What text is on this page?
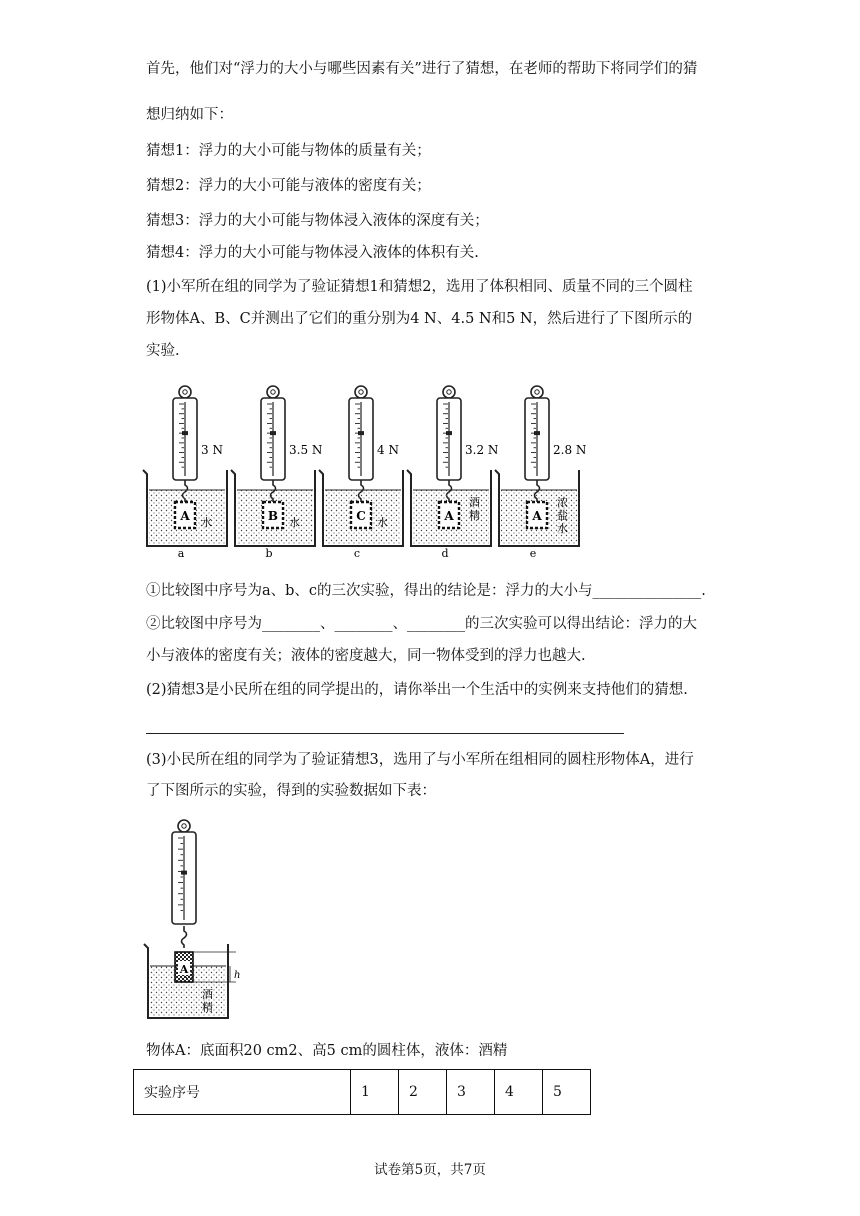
首先，他们对“浮力的大小与哪些因素有关”进行了猜想，在老师的帮助下将同学们的猜
想归纳如下：
猜想1：浮力的大小可能与物体的质量有关；
猜想2：浮力的大小可能与液体的密度有关；
猜想3：浮力的大小可能与物体浸入液体的深度有关；
猜想4：浮力的大小可能与物体浸入液体的体积有关.
(1)小军所在组的同学为了验证猜想1和猜想2，选用了体积相同、质量不同的三个圆柱
形物体A、B、C并测出了它们的重分别为4 N、4.5 N和5 N，然后进行了下图所示的
实验.
3 N
A 水
a
3.5 N
B 水
b
4 N
C 水
c
3.2 N
A
酒
精
d
2.8 N
A
浓
盐
水
e
①比较图中序号为a、b、c的三次实验，得出的结论是：浮力的大小与_______________.
②比较图中序号为________、________、________的三次实验可以得出结论：浮力的大
小与液体的密度有关；液体的密度越大，同一物体受到的浮力也越大.
(2)猜想3是小民所在组的同学提出的，请你举出一个生活中的实例来支持他们的猜想.
(3)小民所在组的同学为了验证猜想3，选用了与小军所在组相同的圆柱形物体A，进行
了下图所示的实验，得到的实验数据如下表：
A	h
酒
精
物体A：底面积20 cm2、高5 cm的圆柱体，液体：酒精
实验序号	1	2	3	4	5
试卷第5页，共7页
